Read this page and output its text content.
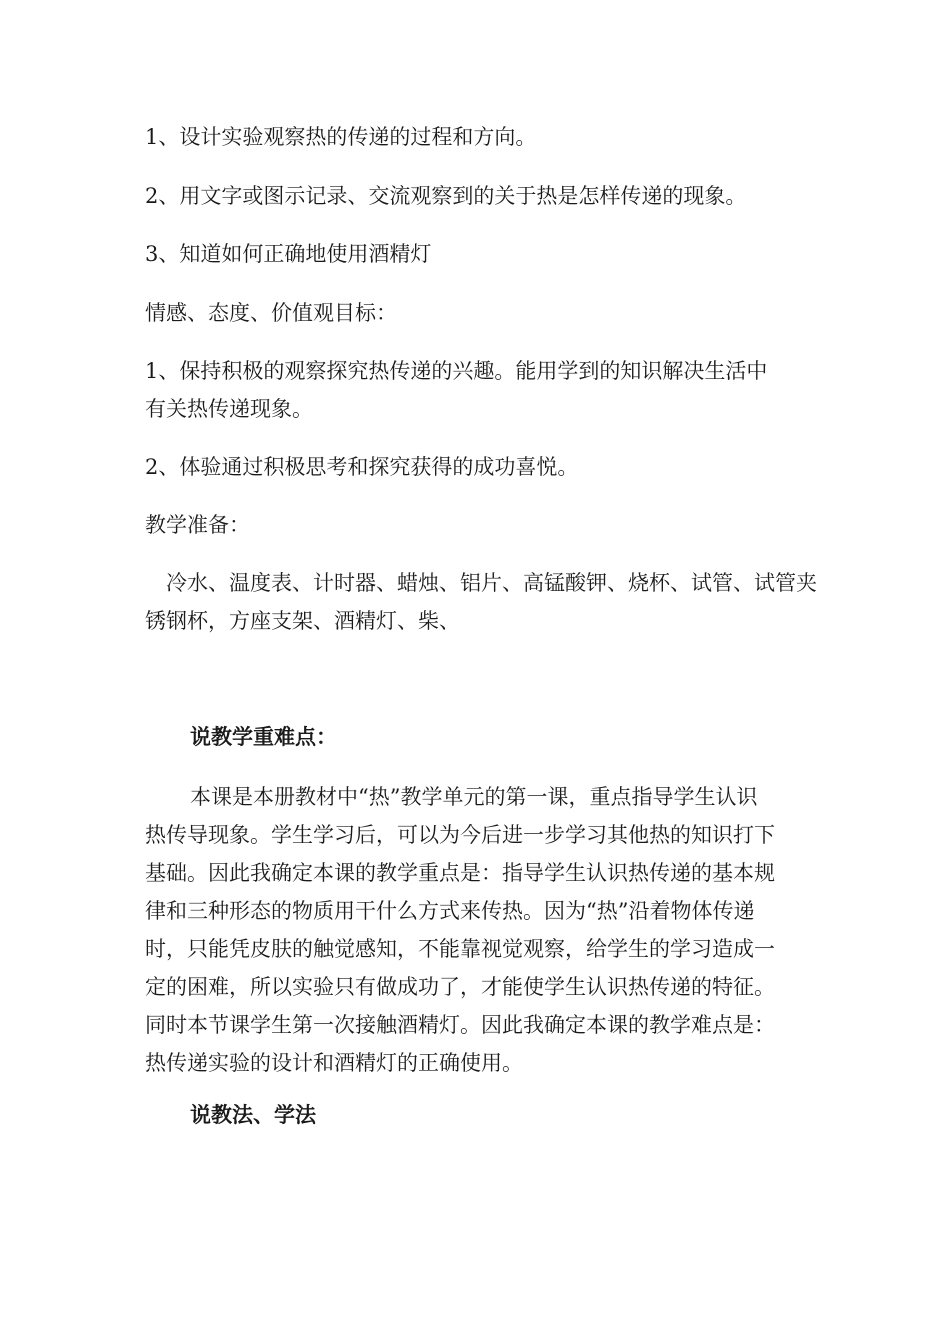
1、设计实验观察热的传递的过程和方向。
2、用文字或图示记录、交流观察到的关于热是怎样传递的现象。
3、知道如何正确地使用酒精灯
情感、态度、价值观目标：
1、保持积极的观察探究热传递的兴趣。能用学到的知识解决生活中
有关热传递现象。
2、体验通过积极思考和探究获得的成功喜悦。
教学准备：
冷水、温度表、计时器、蜡烛、铝片、高锰酸钾、烧杯、试管、试管夹
锈钢杯，方座支架、酒精灯、柴、
说教学重难点：
本课是本册教材中“热”教学单元的第一课，重点指导学生认识
热传导现象。学生学习后，可以为今后进一步学习其他热的知识打下
基础。因此我确定本课的教学重点是：指导学生认识热传递的基本规
律和三种形态的物质用干什么方式来传热。因为“热”沿着物体传递
时，只能凭皮肤的触觉感知，不能靠视觉观察，给学生的学习造成一
定的困难，所以实验只有做成功了，才能使学生认识热传递的特征。
同时本节课学生第一次接触酒精灯。因此我确定本课的教学难点是：
热传递实验的设计和酒精灯的正确使用。
说教法、学法
